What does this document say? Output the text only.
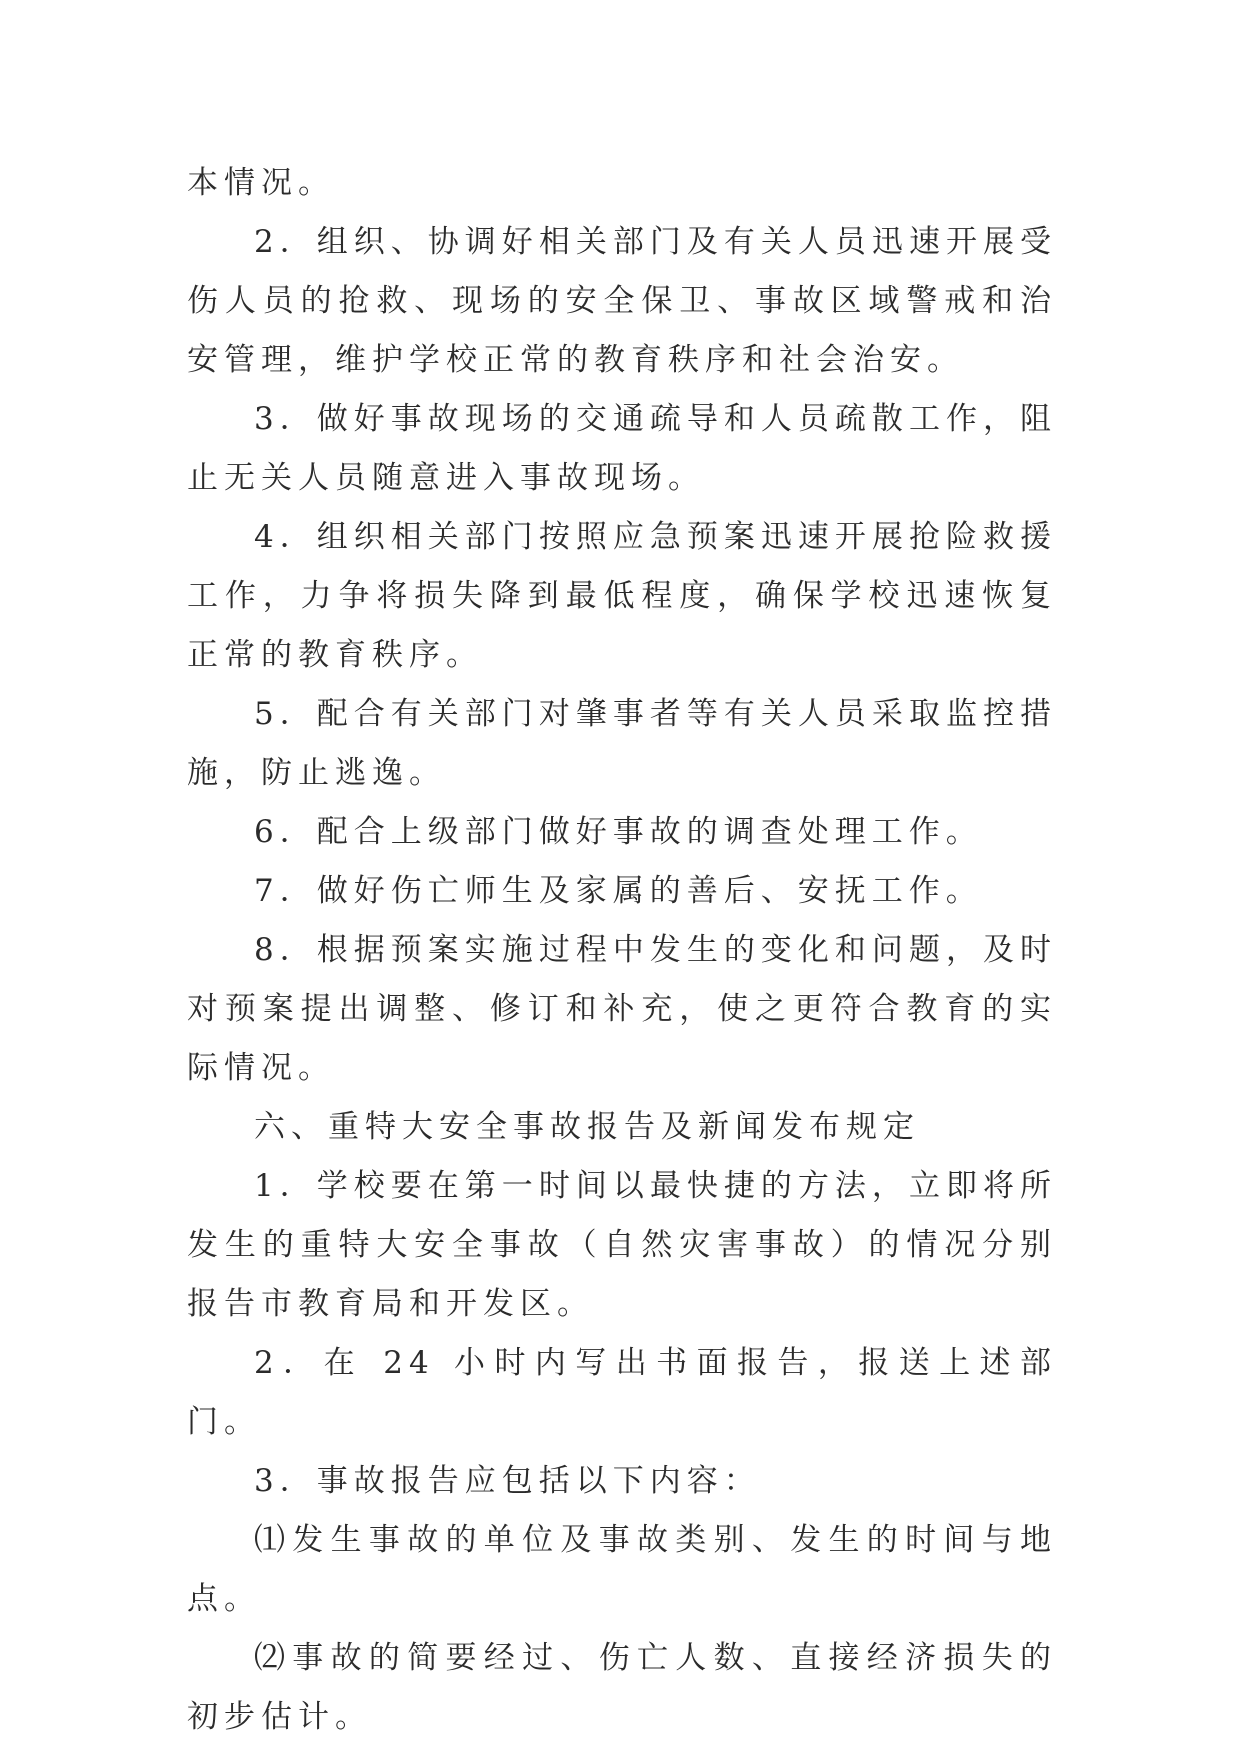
本情况。

2．组织、协调好相关部门及有关人员迅速开展受伤人员的抢救、现场的安全保卫、事故区域警戒和治安管理，维护学校正常的教育秩序和社会治安。

3．做好事故现场的交通疏导和人员疏散工作，阻止无关人员随意进入事故现场。

4．组织相关部门按照应急预案迅速开展抢险救援工作，力争将损失降到最低程度，确保学校迅速恢复正常的教育秩序。

5．配合有关部门对肇事者等有关人员采取监控措施，防止逃逸。

6．配合上级部门做好事故的调查处理工作。

7．做好伤亡师生及家属的善后、安抚工作。

8．根据预案实施过程中发生的变化和问题，及时对预案提出调整、修订和补充，使之更符合教育的实际情况。

六、重特大安全事故报告及新闻发布规定

1．学校要在第一时间以最快捷的方法，立即将所发生的重特大安全事故（自然灾害事故）的情况分别报告市教育局和开发区。

2．在 24 小时内写出书面报告，报送上述部门。

3．事故报告应包括以下内容：

⑴发生事故的单位及事故类别、发生的时间与地点。

⑵事故的简要经过、伤亡人数、直接经济损失的初步估计。
